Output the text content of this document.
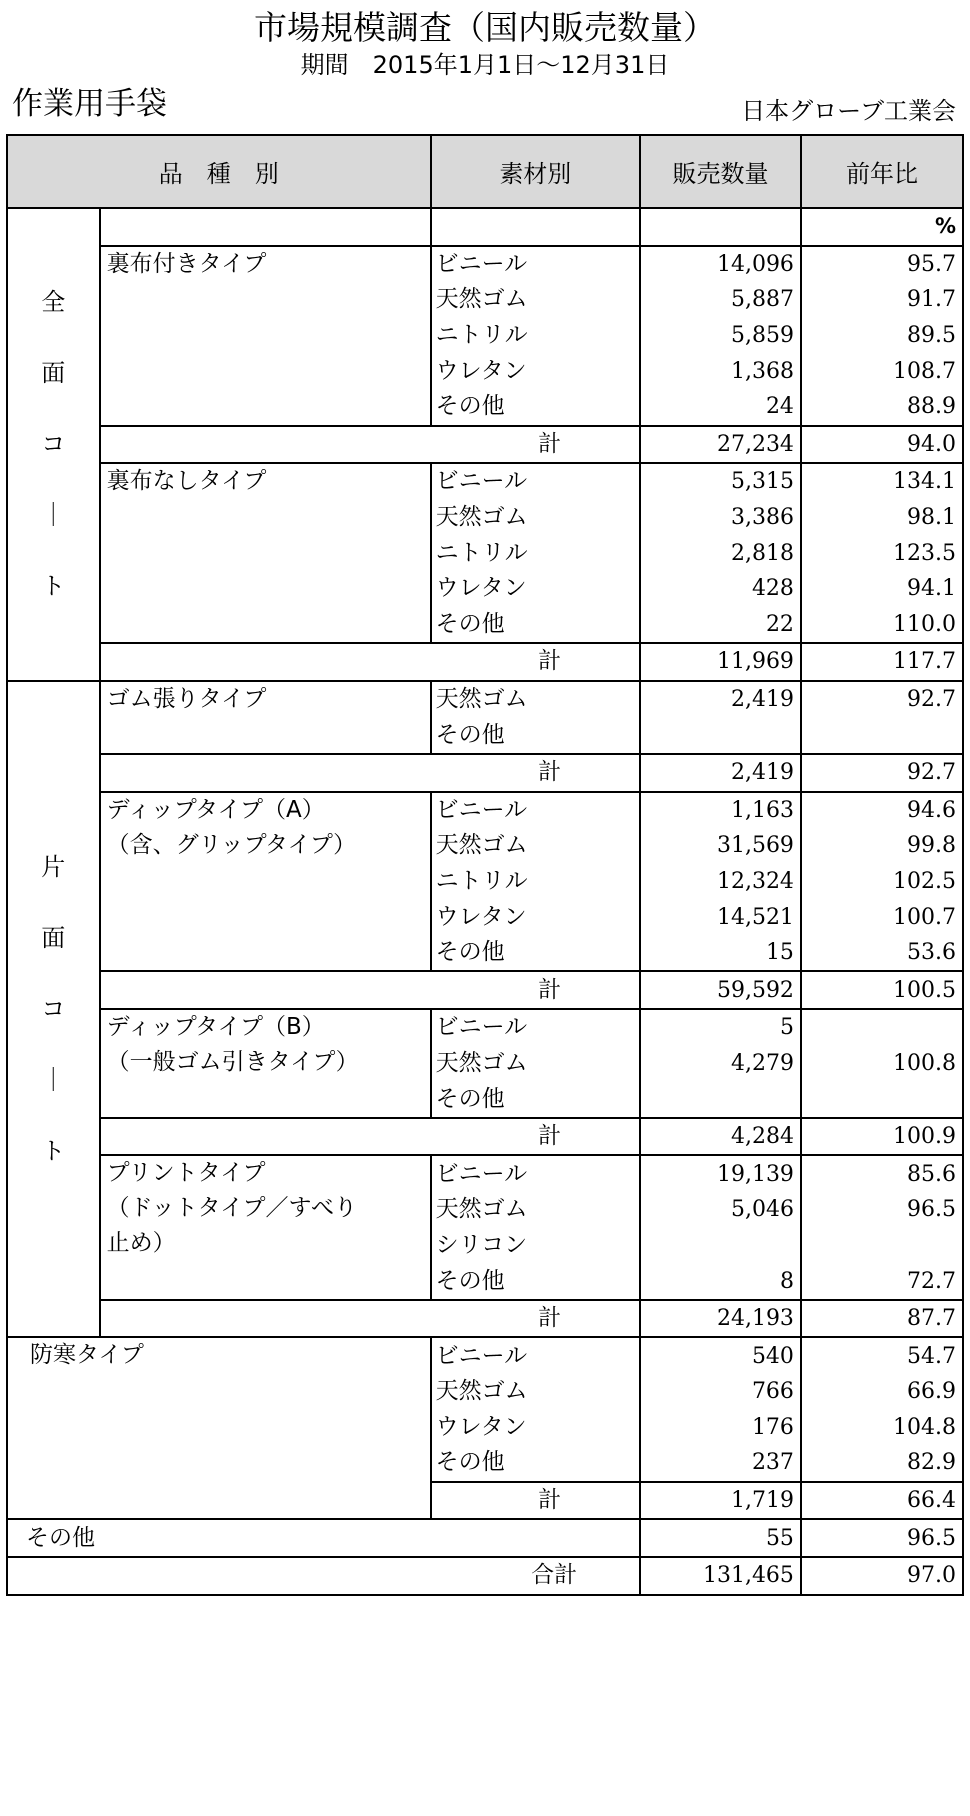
市場規模調査（国内販売数量）
期間　2015年1月1日～12月31日
作業用手袋	日本グローブ工業会
品　種　別		素材別	販売数量	前年比

全
面
コ
｜
ト				%

	裏布付きタイプ	ビニール	14,096	95.7
		天然ゴム	5,887	91.7
		ニトリル	5,859	89.5
		ウレタン	1,368	108.7
		その他	24	88.9
	計		27,234	94.0

	裏布なしタイプ	ビニール	5,315	134.1
		天然ゴム	3,386	98.1
		ニトリル	2,818	123.5
		ウレタン	428	94.1
		その他	22	110.0
	計		11,969	117.7

片
面
コ
｜
ト	ゴム張りタイプ	天然ゴム	2,419	92.7
		その他		
	計		2,419	92.7

	ディップタイプ（A）
（含、グリップタイプ）	ビニール	1,163	94.6
		天然ゴム	31,569	99.8
		ニトリル	12,324	102.5
		ウレタン	14,521	100.7
		その他	15	53.6
	計		59,592	100.5

	ディップタイプ（B）
（一般ゴム引きタイプ）	ビニール	5	
		天然ゴム	4,279	100.8
		その他		
	計		4,284	100.9

	プリントタイプ
（ドットタイプ／すべり
止め）	ビニール	19,139	85.6
		天然ゴム	5,046	96.5
		シリコン		
		その他	8	72.7
	計		24,193	87.7

防寒タイプ		ビニール	540	54.7
		天然ゴム	766	66.9
		ウレタン	176	104.8
		その他	237	82.9
		計	1,719	66.4
その他			55	96.5
		合計	131,465	97.0
